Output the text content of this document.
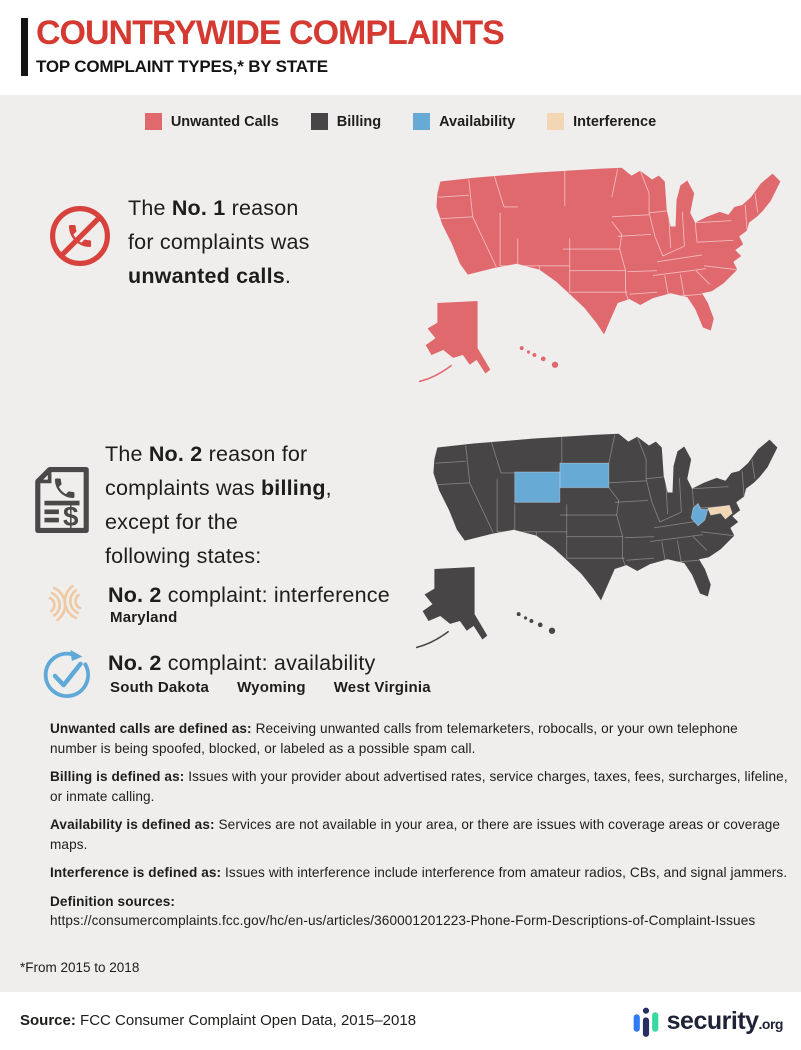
COUNTRYWIDE COMPLAINTS
TOP COMPLAINT TYPES,* BY STATE
Unwanted Calls	Billing	Availability	Interference
The No. 1 reason
for complaints was
unwanted calls.
$
The No. 2 reason for
complaints was billing,
except for the
following states:
No. 2 complaint: interference
Maryland
No. 2 complaint: availability
South Dakota Wyoming West Virginia

Unwanted calls are defined as: Receiving unwanted calls from telemarketers, robocalls, or your own telephone number is being spoofed, blocked, or labeled as a possible spam call.

Billing is defined as: Issues with your provider about advertised rates, service charges, taxes, fees, surcharges, lifeline, or inmate calling.

Availability is defined as: Services are not available in your area, or there are issues with coverage areas or coverage maps.

Interference is defined as: Issues with interference include interference from amateur radios, CBs, and signal jammers.

Definition sources:
https://consumercomplaints.fcc.gov/hc/en-us/articles/360001201223-Phone-Form-Descriptions-of-Complaint-Issues

*From 2015 to 2018
Source: FCC Consumer Complaint Open Data, 2015–2018	security.org
